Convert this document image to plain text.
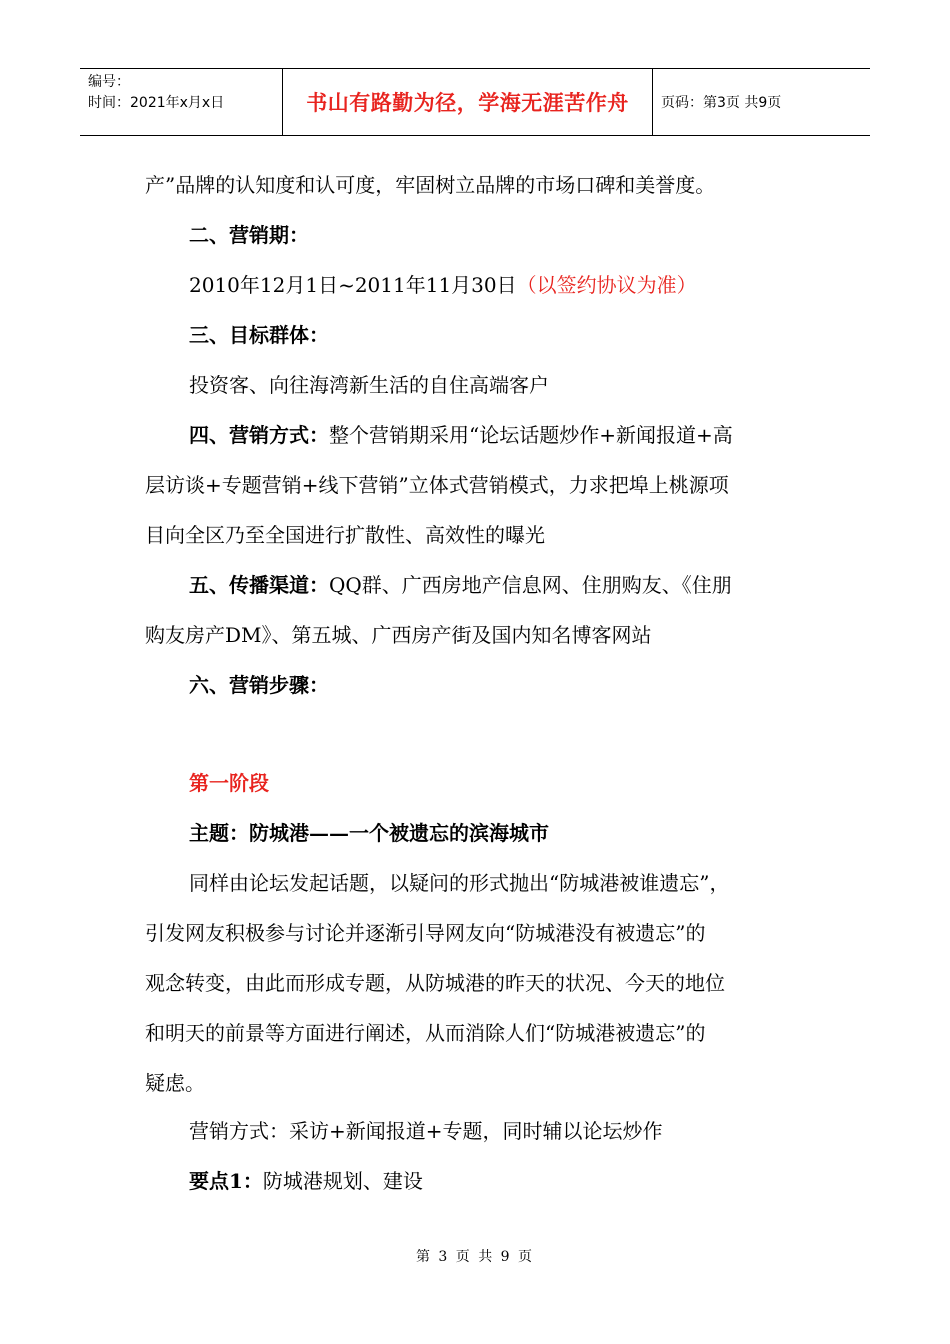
编号：
时间：2021年x月x日	书山有路勤为径，学海无涯苦作舟	页码：第3页 共9页
产”品牌的认知度和认可度，牢固树立品牌的市场口碑和美誉度。
二、营销期：
2010年12月1日~2011年11月30日（以签约协议为准）
三、目标群体：
投资客、向往海湾新生活的自住高端客户
四、营销方式：整个营销期采用“论坛话题炒作+新闻报道+高
层访谈+专题营销+线下营销”立体式营销模式，力求把埠上桃源项
目向全区乃至全国进行扩散性、高效性的曝光
五、传播渠道：QQ群、广西房地产信息网、住朋购友、《住朋
购友房产DM》、第五城、广西房产街及国内知名博客网站
六、营销步骤：
第一阶段
主题：防城港——一个被遗忘的滨海城市
同样由论坛发起话题，以疑问的形式抛出“防城港被谁遗忘”，
引发网友积极参与讨论并逐渐引导网友向“防城港没有被遗忘”的
观念转变，由此而形成专题，从防城港的昨天的状况、今天的地位
和明天的前景等方面进行阐述，从而消除人们“防城港被遗忘”的
疑虑。
营销方式：采访+新闻报道+专题，同时辅以论坛炒作
要点1：防城港规划、建设
第 3 页 共 9 页
